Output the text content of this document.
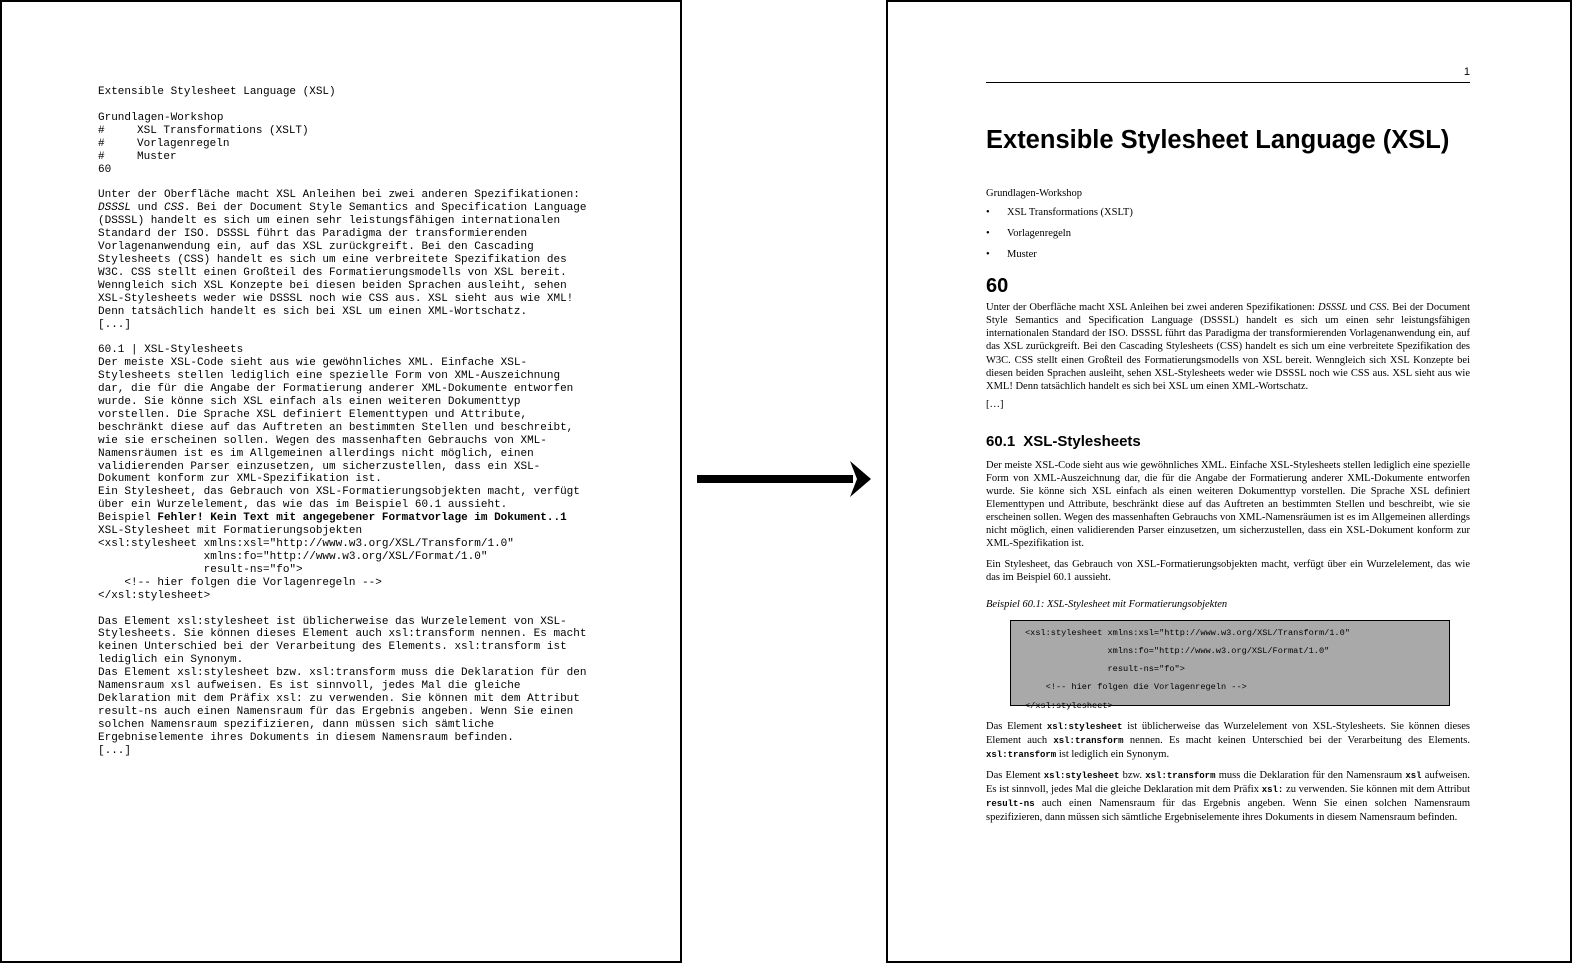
Extensible Stylesheet Language (XSL)

Grundlagen-Workshop

#	XSL Transformations (XSLT)

#	Vorlagenregeln

#	Muster

60

Unter der Oberfläche macht XSL Anleihen bei zwei anderen Spezifikationen: DSSSL und CSS. Bei der Document Style Semantics and Specification Language (DSSSL) handelt es sich um einen sehr leistungsfähigen internationalen Standard der ISO. DSSSL führt das Paradigma der transformierenden Vorlagenanwendung ein, auf das XSL zurückgreift. Bei den Cascading Stylesheets (CSS) handelt es sich um eine verbreitete Spezifikation des W3C. CSS stellt einen Großteil des Formatierungsmodells von XSL bereit. Wenngleich sich XSL Konzepte bei diesen beiden Sprachen ausleiht, sehen XSL-Stylesheets weder wie DSSSL noch wie CSS aus. XSL sieht aus wie XML! Denn tatsächlich handelt es sich bei XSL um einen XML-Wortschatz.

[...]

60.1 | XSL-Stylesheets

Der meiste XSL-Code sieht aus wie gewöhnliches XML. Einfache XSL-Stylesheets stellen lediglich eine spezielle Form von XML-Auszeichnung dar, die für die Angabe der Formatierung anderer XML-Dokumente entworfen wurde. Sie könne sich XSL einfach als einen weiteren Dokumenttyp vorstellen. Die Sprache XSL definiert Elementtypen und Attribute, beschränkt diese auf das Auftreten an bestimmten Stellen und beschreibt, wie sie erscheinen sollen. Wegen des massenhaften Gebrauchs von XML-Namensräumen ist es im Allgemeinen allerdings nicht möglich, einen validierenden Parser einzusetzen, um sicherzustellen, dass ein XSL-Dokument konform zur XML-Spezifikation ist.

Ein Stylesheet, das Gebrauch von XSL-Formatierungsobjekten macht, verfügt über ein Wurzelelement, das wie das im Beispiel 60.1 aussieht.

Beispiel Fehler! Kein Text mit angegebener Formatvorlage im Dokument..1

XSL-Stylesheet mit Formatierungsobjekten

<xsl:stylesheet xmlns:xsl="http://www.w3.org/XSL/Transform/1.0"
xmlns:fo="http://www.w3.org/XSL/Format/1.0"
result-ns="fo">
<!-- hier folgen die Vorlagenregeln -->
</xsl:stylesheet>

Das Element xsl:stylesheet ist üblicherweise das Wurzelelement von XSL-Stylesheets. Sie können dieses Element auch xsl:transform nennen. Es macht keinen Unterschied bei der Verarbeitung des Elements. xsl:transform ist lediglich ein Synonym.

Das Element xsl:stylesheet bzw. xsl:transform muss die Deklaration für den Namensraum xsl aufweisen. Es ist sinnvoll, jedes Mal die gleiche Deklaration mit dem Präfix xsl: zu verwenden. Sie können mit dem Attribut result-ns auch einen Namensraum für das Ergebnis angeben. Wenn Sie einen solchen Namensraum spezifizieren, dann müssen sich sämtliche Ergebniselemente ihres Dokuments in diesem Namensraum befinden.

[...]

1
Extensible Stylesheet Language (XSL)
Grundlagen-Workshop
• XSL Transformations (XSLT)
• Vorlagenregeln
• Muster
60

Unter der Oberfläche macht XSL Anleihen bei zwei anderen Spezifikationen: DSSSL und CSS. Bei der Document Style Semantics and Specification Language (DSSSL) handelt es sich um einen sehr leistungsfähigen internationalen Standard der ISO. DSSSL führt das Paradigma der transformierenden Vorlagenanwendung ein, auf das XSL zurückgreift. Bei den Cascading Stylesheets (CSS) handelt es sich um eine verbreitete Spezifikation des W3C. CSS stellt einen Großteil des Formatierungsmodells von XSL bereit. Wenngleich sich XSL Konzepte bei diesen beiden Sprachen ausleiht, sehen XSL-Stylesheets weder wie DSSSL noch wie CSS aus. XSL sieht aus wie XML! Denn tatsächlich handelt es sich bei XSL um einen XML-Wortschatz.

[…]

60.1 XSL-Stylesheets

Der meiste XSL-Code sieht aus wie gewöhnliches XML. Einfache XSL-Stylesheets stellen lediglich eine spezielle Form von XML-Auszeichnung dar, die für die Angabe der Formatierung anderer XML-Dokumente entworfen wurde. Sie könne sich XSL einfach als einen weiteren Dokumenttyp vorstellen. Die Sprache XSL definiert Elementtypen und Attribute, beschränkt diese auf das Auftreten an bestimmten Stellen und beschreibt, wie sie erscheinen sollen. Wegen des massenhaften Gebrauchs von XML-Namensräumen ist es im Allgemeinen allerdings nicht möglich, einen validierenden Parser einzusetzen, um sicherzustellen, dass ein XSL-Dokument konform zur XML-Spezifikation ist.

Ein Stylesheet, das Gebrauch von XSL-Formatierungsobjekten macht, verfügt über ein Wurzelelement, das wie das im Beispiel 60.1 aussieht.

Beispiel 60.1: XSL-Stylesheet mit Formatierungsobjekten

<xsl:stylesheet xmlns:xsl="http://www.w3.org/XSL/Transform/1.0"
xmlns:fo="http://www.w3.org/XSL/Format/1.0"
result-ns="fo">
<!-- hier folgen die Vorlagenregeln -->
</xsl:stylesheet>

Das Element xsl:stylesheet ist üblicherweise das Wurzelelement von XSL-Stylesheets. Sie können dieses Element auch xsl:transform nennen. Es macht keinen Unterschied bei der Verarbeitung des Elements. xsl:transform ist lediglich ein Synonym.

Das Element xsl:stylesheet bzw. xsl:transform muss die Deklaration für den Namensraum xsl aufweisen. Es ist sinnvoll, jedes Mal die gleiche Deklaration mit dem Präfix xsl: zu verwenden. Sie können mit dem Attribut result-ns auch einen Namensraum für das Ergebnis angeben. Wenn Sie einen solchen Namensraum spezifizieren, dann müssen sich sämtliche Ergebniselemente ihres Dokuments in diesem Namensraum befinden.
